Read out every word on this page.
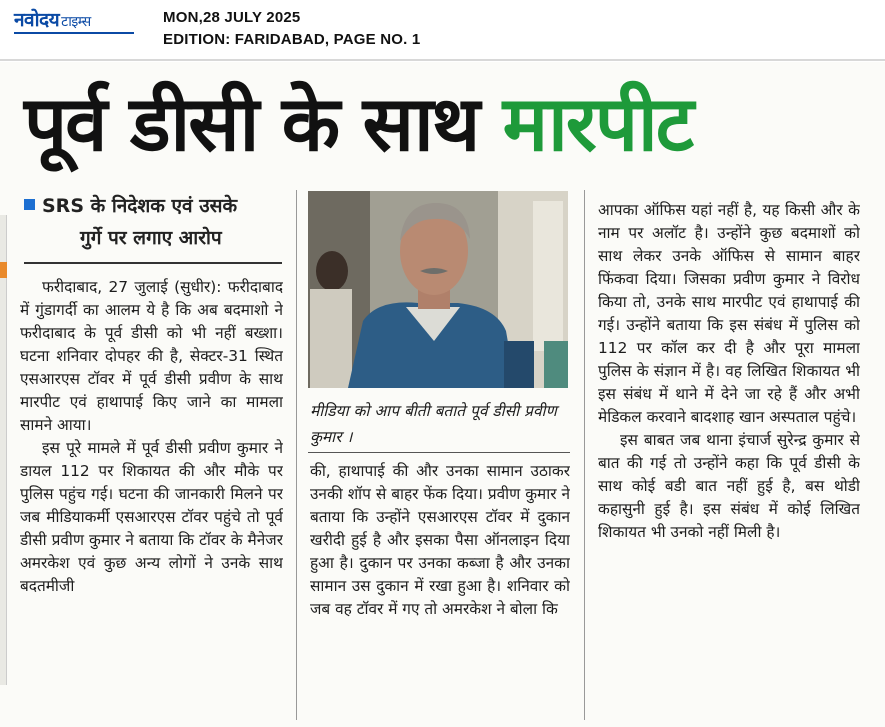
नवोदय टाइम्स	MON,28 JULY 2025
EDITION: FARIDABAD, PAGE NO. 1
पूर्व डीसी के साथ मारपीट
SRS के निदेशक एवं उसके
गुर्गे पर लगाए आरोप

फरीदाबाद, 27 जुलाई (सुधीर): फरीदाबाद में गुंडागर्दी का आलम ये है कि अब बदमाशो ने फरीदाबाद के पूर्व डीसी को भी नहीं बख्शा। घटना शनिवार दोपहर की है, सेक्टर-31 स्थित एसआरएस टॉवर में पूर्व डीसी प्रवीण के साथ मारपीट एवं हाथापाई किए जाने का मामला सामने आया।

इस पूरे मामले में पूर्व डीसी प्रवीण कुमार ने डायल 112 पर शिकायत की और मौके पर पुलिस पहुंच गई। घटना की जानकारी मिलने पर जब मीडियाकर्मी एसआरएस टॉवर पहुंचे तो पूर्व डीसी प्रवीण कुमार ने बताया कि टॉवर के मैनेजर अमरकेश एवं कुछ अन्य लोगों ने उनके साथ बदतमीजी

मीडिया को आप बीती बताते पूर्व डीसी प्रवीण कुमार ।

की, हाथापाई की और उनका सामान उठाकर उनकी शॉप से बाहर फेंक दिया। प्रवीण कुमार ने बताया कि उन्होंने एसआरएस टॉवर में दुकान खरीदी हुई है और इसका पैसा ऑनलाइन दिया हुआ है। दुकान पर उनका कब्जा है और उनका सामान उस दुकान में रखा हुआ है। शनिवार को जब वह टॉवर में गए तो अमरकेश ने बोला कि

आपका ऑफिस यहां नहीं है, यह किसी और के नाम पर अलॉट है। उन्होंने कुछ बदमाशों को साथ लेकर उनके ऑफिस से सामान बाहर फिंकवा दिया। जिसका प्रवीण कुमार ने विरोध किया तो, उनके साथ मारपीट एवं हाथापाई की गई। उन्होंने बताया कि इस संबंध में पुलिस को 112 पर कॉल कर दी है और पूरा मामला पुलिस के संज्ञान में है। वह लिखित शिकायत भी इस संबंध में थाने में देने जा रहे हैं और अभी मेडिकल करवाने बादशाह खान अस्पताल पहुंचे।

इस बाबत जब थाना इंचार्ज सुरेन्द्र कुमार से बात की गई तो उन्होंने कहा कि पूर्व डीसी के साथ कोई बडी बात नहीं हुई है, बस थोडी कहासुनी हुई है। इस संबंध में कोई लिखित शिकायत भी उनको नहीं मिली है।
